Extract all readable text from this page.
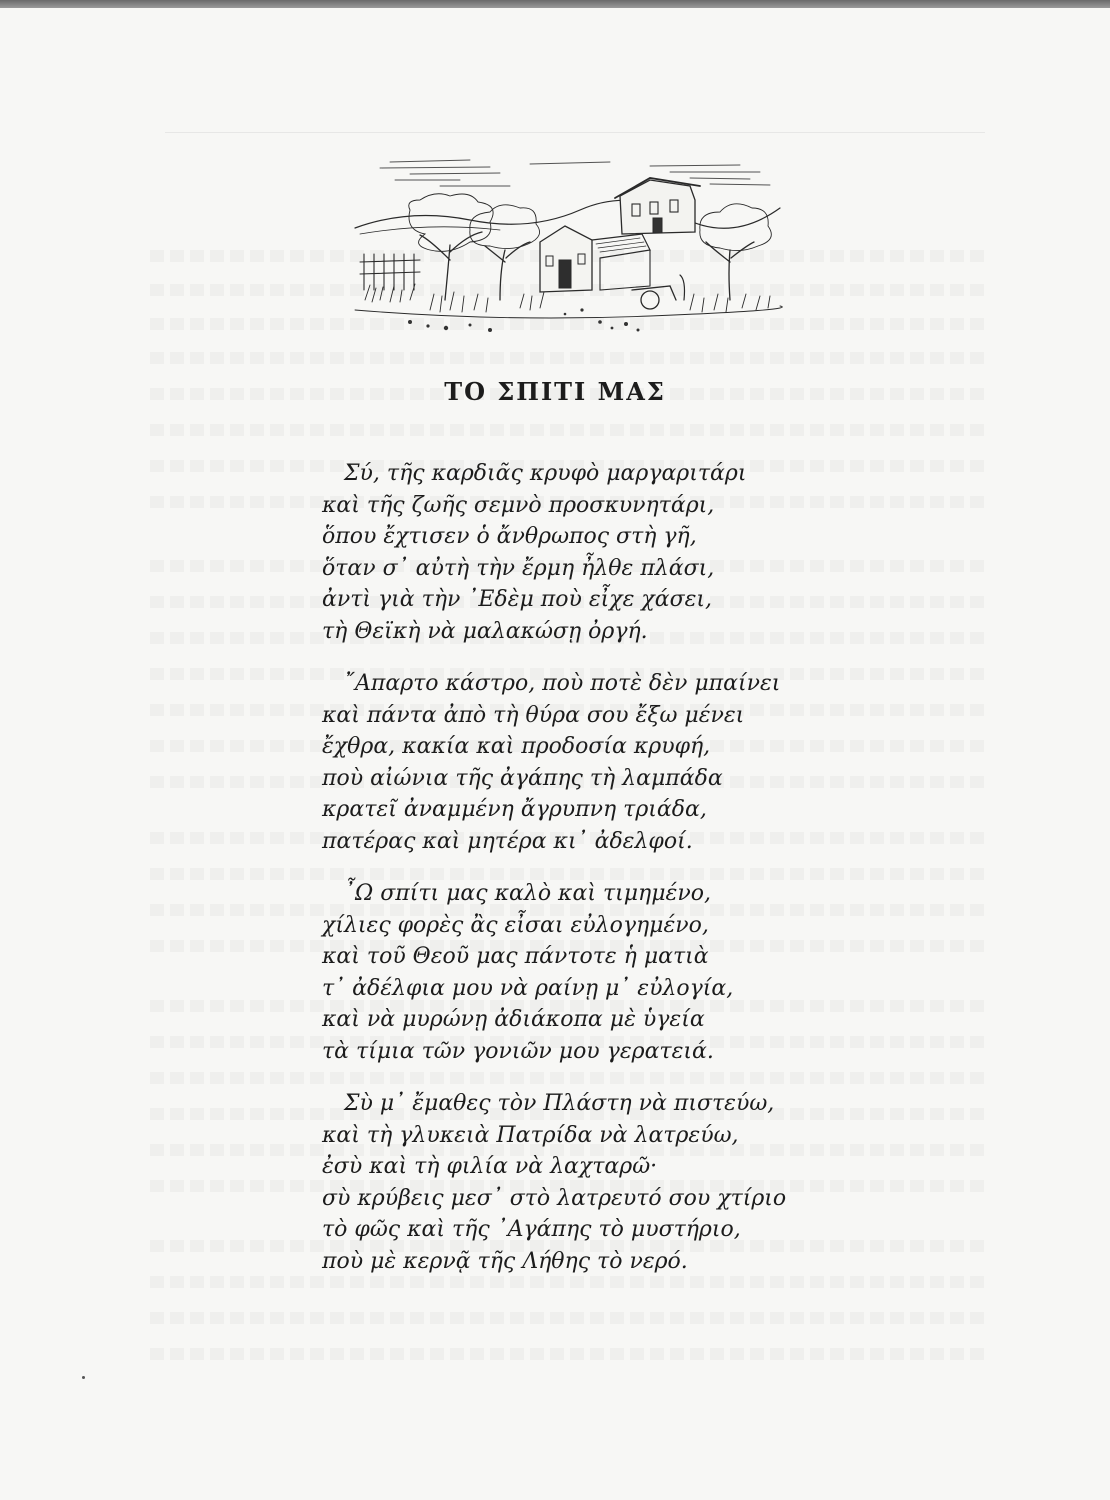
ΤΟ ΣΠΙΤΙ ΜΑΣ
Σύ, τῆς καρδιᾶς κρυφὸ μαργαριτάρι
καὶ τῆς ζωῆς σεμνὸ προσκυνητάρι,
ὅπου ἔχτισεν ὁ ἄνθρωπος στὴ γῆ,
ὅταν σ᾽ αὐτὴ τὴν ἔρμη ἦλθε πλάσι,
ἀντὶ γιὰ τὴν ᾽Εδὲμ ποὺ εἶχε χάσει,
τὴ Θεϊκὴ νὰ μαλακώσῃ ὀργή.
῎Απαρτο κάστρο, ποὺ ποτὲ δὲν μπαίνει
καὶ πάντα ἀπὸ τὴ θύρα σου ἔξω μένει
ἔχθρα, κακία καὶ προδοσία κρυφή,
ποὺ αἰώνια τῆς ἀγάπης τὴ λαμπάδα
κρατεῖ ἀναμμένη ἄγρυπνη τριάδα,
πατέρας καὶ μητέρα κι᾽ ἀδελφοί.
῏Ω σπίτι μας καλὸ καὶ τιμημένο,
χίλιες φορὲς ἂς εἶσαι εὐλογημένο,
καὶ τοῦ Θεοῦ μας πάντοτε ἡ ματιὰ
τ᾽ ἀδέλφια μου νὰ ραίνῃ μ᾽ εὐλογία,
καὶ νὰ μυρώνῃ ἀδιάκοπα μὲ ὑγεία
τὰ τίμια τῶν γονιῶν μου γερατειά.
Σὺ μ᾽ ἔμαθες τὸν Πλάστη νὰ πιστεύω,
καὶ τὴ γλυκειὰ Πατρίδα νὰ λατρεύω,
ἐσὺ καὶ τὴ φιλία νὰ λαχταρῶ·
σὺ κρύβεις μεσ᾽ στὸ λατρευτό σου χτίριο
τὸ φῶς καὶ τῆς ᾽Αγάπης τὸ μυστήριο,
ποὺ μὲ κερνᾷ τῆς Λήθης τὸ νερό.
